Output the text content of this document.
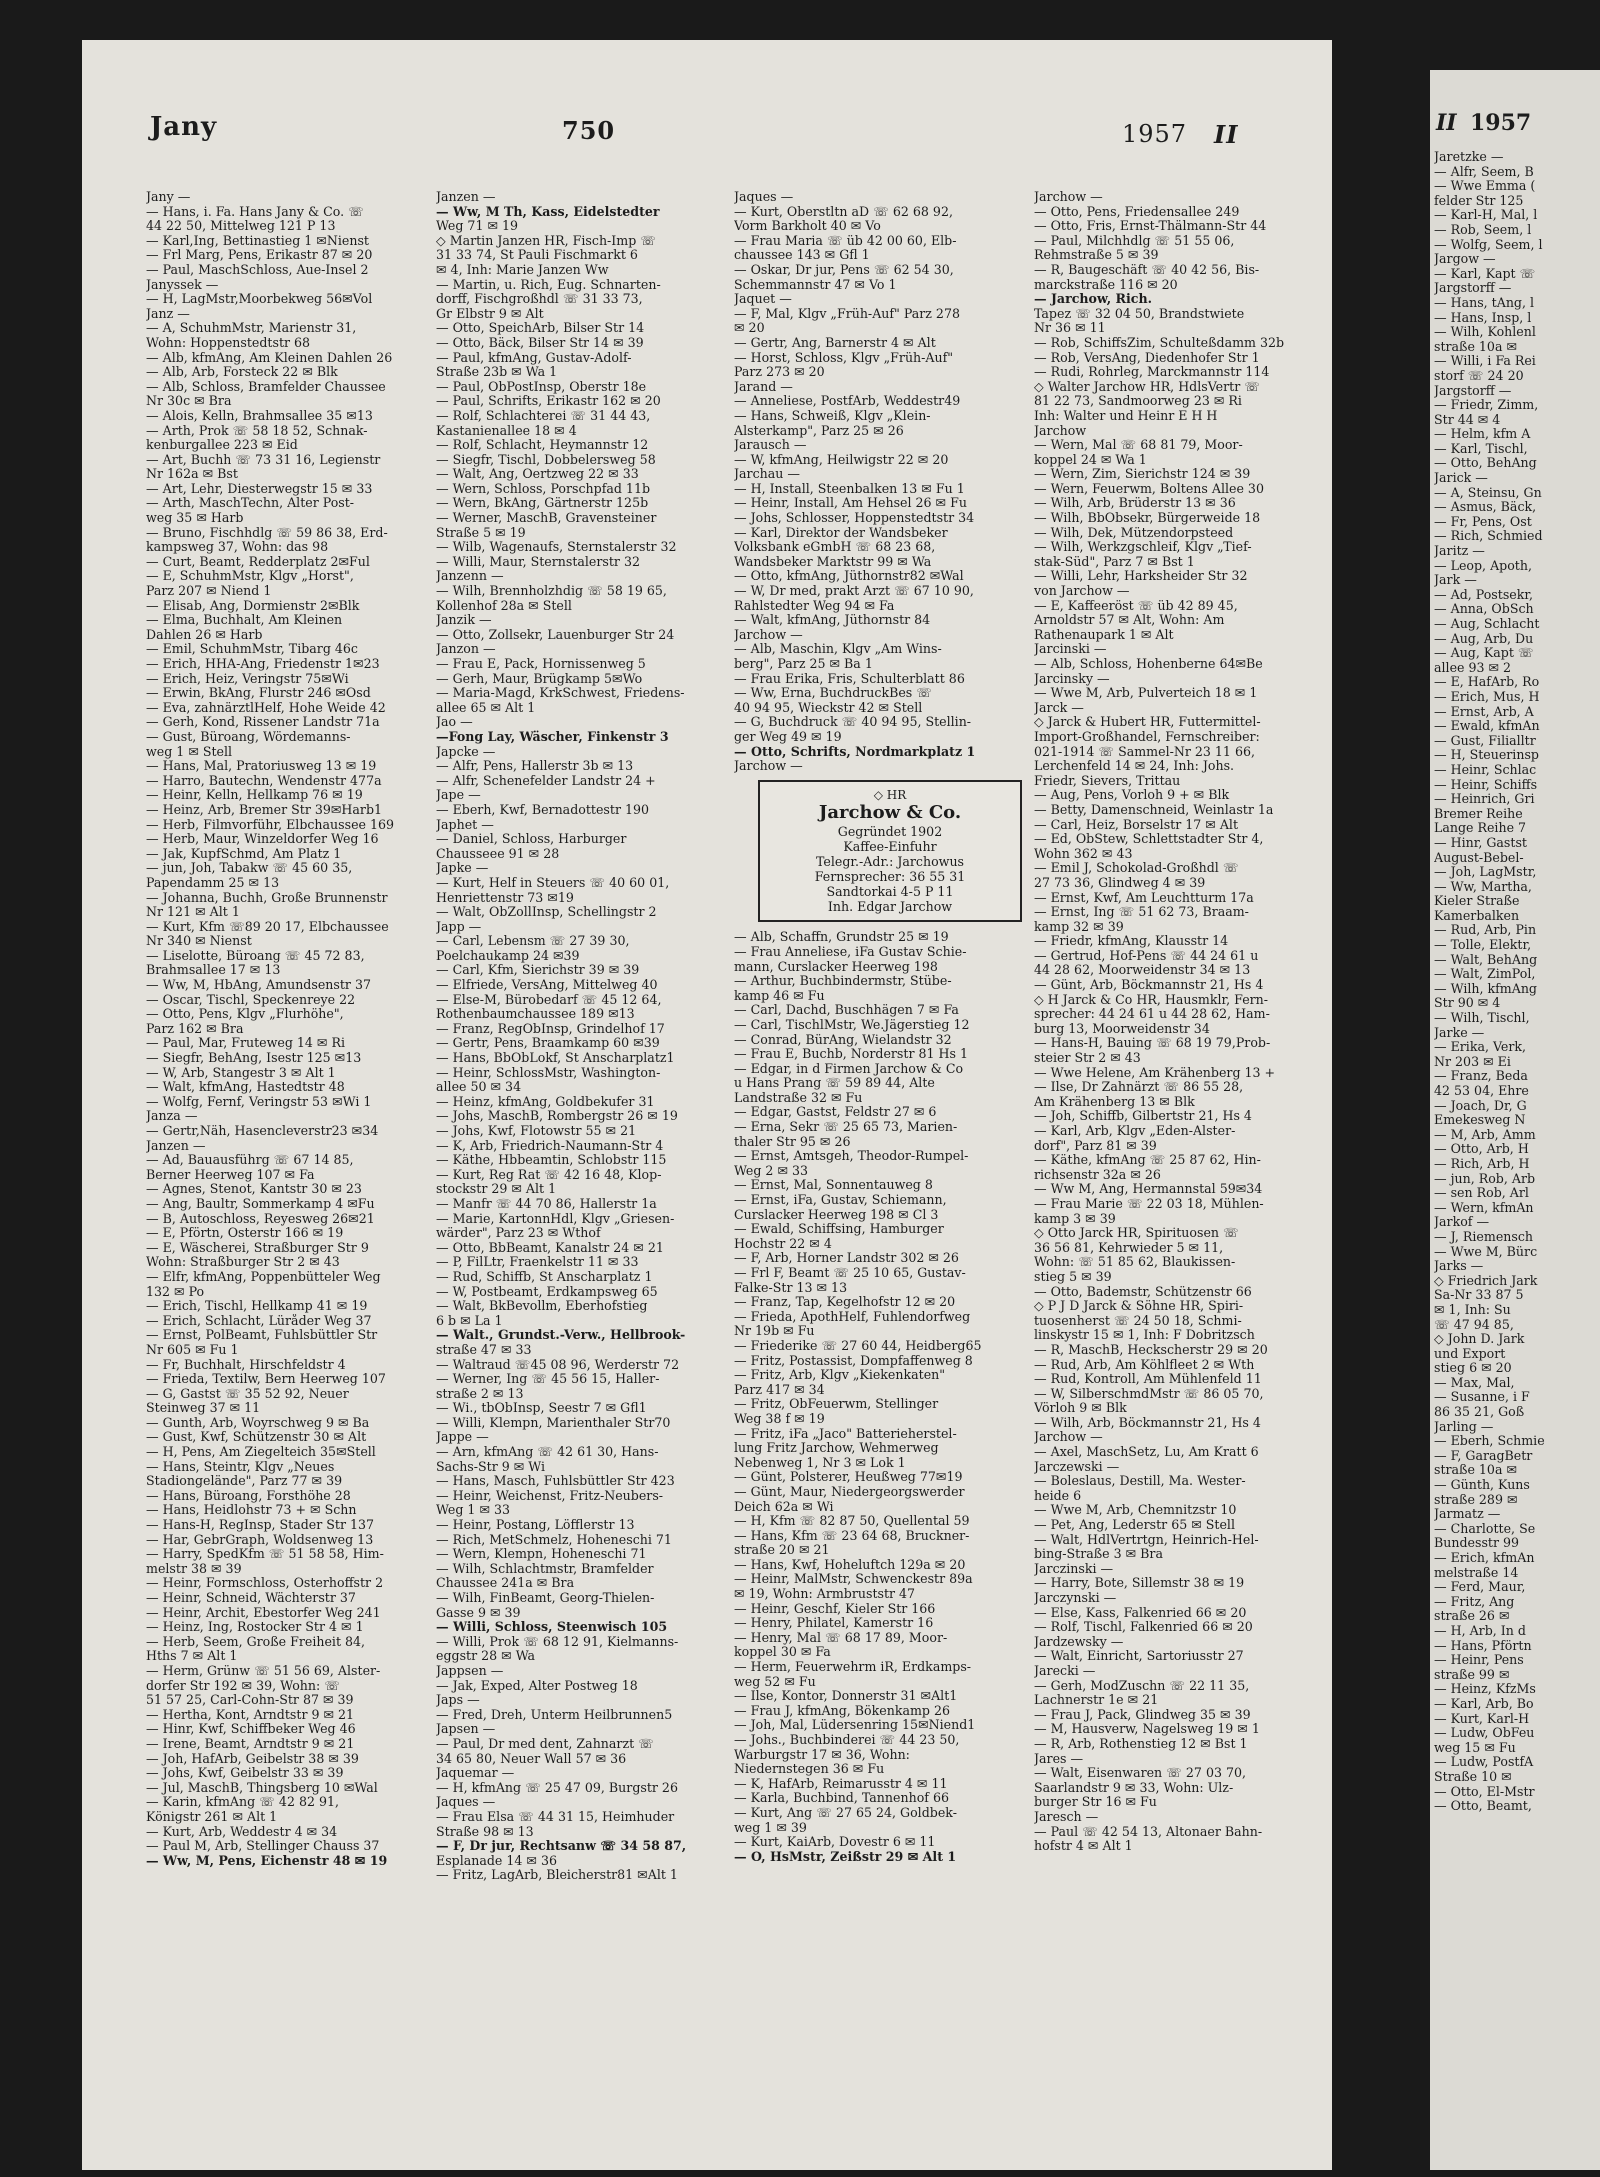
Jany	750	1957 II
Jany —
— Hans, i. Fa. Hans Jany & Co. ☏
44 22 50, Mittelweg 121 P 13
— Karl,Ing, Bettinastieg 1 ✉Nienst
— Frl Marg, Pens, Erikastr 87 ✉ 20
— Paul, MaschSchloss, Aue-Insel 2
Janyssek —
— H, LagMstr,Moorbekweg 56✉Vol
Janz —
— A, SchuhmMstr, Marienstr 31,
Wohn: Hoppenstedtstr 68
— Alb, kfmAng, Am Kleinen Dahlen 26
— Alb, Arb, Forsteck 22 ✉ Blk
— Alb, Schloss, Bramfelder Chaussee
Nr 30c ✉ Bra
— Alois, Kelln, Brahmsallee 35 ✉13
— Arth, Prok ☏ 58 18 52, Schnak-
kenburgallee 223 ✉ Eid
— Art, Buchh ☏ 73 31 16, Legienstr
Nr 162a ✉ Bst
— Art, Lehr, Diesterwegstr 15 ✉ 33
— Arth, MaschTechn, Alter Post-
weg 35 ✉ Harb
— Bruno, Fischhdlg ☏ 59 86 38, Erd-
kampsweg 37, Wohn: das 98
— Curt, Beamt, Redderplatz 2✉Ful
— E, SchuhmMstr, Klgv „Horst",
Parz 207 ✉ Niend 1
— Elisab, Ang, Dormienstr 2✉Blk
— Elma, Buchhalt, Am Kleinen
Dahlen 26 ✉ Harb
— Emil, SchuhmMstr, Tibarg 46c
— Erich, HHA-Ang, Friedenstr 1✉23
— Erich, Heiz, Veringstr 75✉Wi
— Erwin, BkAng, Flurstr 246 ✉Osd
— Eva, zahnärztlHelf, Hohe Weide 42
— Gerh, Kond, Rissener Landstr 71a
— Gust, Büroang, Wördemanns-
weg 1 ✉ Stell
— Hans, Mal, Pratoriusweg 13 ✉ 19
— Harro, Bautechn, Wendenstr 477a
— Heinr, Kelln, Hellkamp 76 ✉ 19
— Heinz, Arb, Bremer Str 39✉Harb1
— Herb, Filmvorführ, Elbchaussee 169
— Herb, Maur, Winzeldorfer Weg 16
— Jak, KupfSchmd, Am Platz 1
— jun, Joh, Tabakw ☏ 45 60 35,
Papendamm 25 ✉ 13
— Johanna, Buchh, Große Brunnenstr
Nr 121 ✉ Alt 1
— Kurt, Kfm ☏89 20 17, Elbchaussee
Nr 340 ✉ Nienst
— Liselotte, Büroang ☏ 45 72 83,
Brahmsallee 17 ✉ 13
— Ww, M, HbAng, Amundsenstr 37
— Oscar, Tischl, Speckenreye 22
— Otto, Pens, Klgv „Flurhöhe",
Parz 162 ✉ Bra
— Paul, Mar, Fruteweg 14 ✉ Ri
— Siegfr, BehAng, Isestr 125 ✉13
— W, Arb, Stangestr 3 ✉ Alt 1
— Walt, kfmAng, Hastedtstr 48
— Wolfg, Fernf, Veringstr 53 ✉Wi 1
Janza —
— Gertr,Näh, Hasencleverstr23 ✉34
Janzen —
— Ad, Bauausführg ☏ 67 14 85,
Berner Heerweg 107 ✉ Fa
— Agnes, Stenot, Kantstr 30 ✉ 23
— Ang, Baultr, Sommerkamp 4 ✉Fu
— B, Autoschloss, Reyesweg 26✉21
— E, Pförtn, Osterstr 166 ✉ 19
— E, Wäscherei, Straßburger Str 9
Wohn: Straßburger Str 2 ✉ 43
— Elfr, kfmAng, Poppenbütteler Weg
132 ✉ Po
— Erich, Tischl, Hellkamp 41 ✉ 19
— Erich, Schlacht, Lüråder Weg 37
— Ernst, PolBeamt, Fuhlsbüttler Str
Nr 605 ✉ Fu 1
— Fr, Buchhalt, Hirschfeldstr 4
— Frieda, Textilw, Bern Heerweg 107
— G, Gastst ☏ 35 52 92, Neuer
Steinweg 37 ✉ 11
— Gunth, Arb, Woyrschweg 9 ✉ Ba
— Gust, Kwf, Schützenstr 30 ✉ Alt
— H, Pens, Am Ziegelteich 35✉Stell
— Hans, Steintr, Klgv „Neues
Stadiongelände", Parz 77 ✉ 39
— Hans, Büroang, Forsthöhe 28
— Hans, Heidlohstr 73 + ✉ Schn
— Hans-H, RegInsp, Stader Str 137
— Har, GebrGraph, Woldsenweg 13
— Harry, SpedKfm ☏ 51 58 58, Him-
melstr 38 ✉ 39
— Heinr, Formschloss, Osterhoffstr 2
— Heinr, Schneid, Wächterstr 37
— Heinr, Archit, Ebestorfer Weg 241
— Heinz, Ing, Rostocker Str 4 ✉ 1
— Herb, Seem, Große Freiheit 84,
Hths 7 ✉ Alt 1
— Herm, Grünw ☏ 51 56 69, Alster-
dorfer Str 192 ✉ 39, Wohn: ☏
51 57 25, Carl-Cohn-Str 87 ✉ 39
— Hertha, Kont, Arndtstr 9 ✉ 21
— Hinr, Kwf, Schiffbeker Weg 46
— Irene, Beamt, Arndtstr 9 ✉ 21
— Joh, HafArb, Geibelstr 38 ✉ 39
— Johs, Kwf, Geibelstr 33 ✉ 39
— Jul, MaschB, Thingsberg 10 ✉Wal
— Karin, kfmAng ☏ 42 82 91,
Königstr 261 ✉ Alt 1
— Kurt, Arb, Weddestr 4 ✉ 34
— Paul M, Arb, Stellinger Chauss 37
— Ww, M, Pens, Eichenstr 48 ✉ 19
Janzen —
— Ww, M Th, Kass, Eidelstedter
Weg 71 ✉ 19
◇ Martin Janzen HR, Fisch-Imp ☏
31 33 74, St Pauli Fischmarkt 6
✉ 4, Inh: Marie Janzen Ww
— Martin, u. Rich, Eug. Schnarten-
dorff, Fischgroßhdl ☏ 31 33 73,
Gr Elbstr 9 ✉ Alt
— Otto, SpeichArb, Bilser Str 14
— Otto, Bäck, Bilser Str 14 ✉ 39
— Paul, kfmAng, Gustav-Adolf-
Straße 23b ✉ Wa 1
— Paul, ObPostInsp, Oberstr 18e
— Paul, Schrifts, Erikastr 162 ✉ 20
— Rolf, Schlachterei ☏ 31 44 43,
Kastanienallee 18 ✉ 4
— Rolf, Schlacht, Heymannstr 12
— Siegfr, Tischl, Dobbelersweg 58
— Walt, Ang, Oertzweg 22 ✉ 33
— Wern, Schloss, Porschpfad 11b
— Wern, BkAng, Gärtnerstr 125b
— Werner, MaschB, Gravensteiner
Straße 5 ✉ 19
— Wilb, Wagenaufs, Sternstalerstr 32
— Willi, Maur, Sternstalerstr 32
Janzenn —
— Wilh, Brennholzhdig ☏ 58 19 65,
Kollenhof 28a ✉ Stell
Janzik —
— Otto, Zollsekr, Lauenburger Str 24
Janzon —
— Frau E, Pack, Hornissenweg 5
— Gerh, Maur, Brügkamp 5✉Wo
— Maria-Magd, KrkSchwest, Friedens-
allee 65 ✉ Alt 1
Jao —
—Fong Lay, Wäscher, Finkenstr 3
Japcke —
— Alfr, Pens, Hallerstr 3b ✉ 13
— Alfr, Schenefelder Landstr 24 +
Jape —
— Eberh, Kwf, Bernadottestr 190
Japhet —
— Daniel, Schloss, Harburger
Chausseee 91 ✉ 28
Japke —
— Kurt, Helf in Steuers ☏ 40 60 01,
Henriettenstr 73 ✉19
— Walt, ObZollInsp, Schellingstr 2
Japp —
— Carl, Lebensm ☏ 27 39 30,
Poelchaukamp 24 ✉39
— Carl, Kfm, Sierichstr 39 ✉ 39
— Elfriede, VersAng, Mittelweg 40
— Else-M, Bürobedarf ☏ 45 12 64,
Rothenbaumchaussee 189 ✉13
— Franz, RegObInsp, Grindelhof 17
— Gertr, Pens, Braamkamp 60 ✉39
— Hans, BbObLokf, St Anscharplatz1
— Heinr, SchlossMstr, Washington-
allee 50 ✉ 34
— Heinz, kfmAng, Goldbekufer 31
— Johs, MaschB, Rombergstr 26 ✉ 19
— Johs, Kwf, Flotowstr 55 ✉ 21
— K, Arb, Friedrich-Naumann-Str 4
— Käthe, Hbbeamtin, Schlobstr 115
— Kurt, Reg Rat ☏ 42 16 48, Klop-
stockstr 29 ✉ Alt 1
— Manfr ☏ 44 70 86, Hallerstr 1a
— Marie, KartonnHdl, Klgv „Griesen-
wärder", Parz 23 ✉ Wthof
— Otto, BbBeamt, Kanalstr 24 ✉ 21
— P, FilLtr, Fraenkelstr 11 ✉ 33
— Rud, Schiffb, St Anscharplatz 1
— W, Postbeamt, Erdkampsweg 65
— Walt, BkBevollm, Eberhofstieg
6 b ✉ La 1
— Walt., Grundst.-Verw., Hellbrook-
straße 47 ✉ 33
— Waltraud ☏45 08 96, Werderstr 72
— Werner, Ing ☏ 45 56 15, Haller-
straße 2 ✉ 13
— Wi., tbObInsp, Seestr 7 ✉ Gfl1
— Willi, Klempn, Marienthaler Str70
Jappe —
— Arn, kfmAng ☏ 42 61 30, Hans-
Sachs-Str 9 ✉ Wi
— Hans, Masch, Fuhlsbüttler Str 423
— Heinr, Weichenst, Fritz-Neubers-
Weg 1 ✉ 33
— Heinr, Postang, Löfflerstr 13
— Rich, MetSchmelz, Hoheneschi 71
— Wern, Klempn, Hoheneschi 71
— Wilh, Schlachtmstr, Bramfelder
Chaussee 241a ✉ Bra
— Wilh, FinBeamt, Georg-Thielen-
Gasse 9 ✉ 39
— Willi, Schloss, Steenwisch 105
— Willi, Prok ☏ 68 12 91, Kielmanns-
eggstr 28 ✉ Wa
Jappsen —
— Jak, Exped, Alter Postweg 18
Japs —
— Fred, Dreh, Unterm Heilbrunnen5
Japsen —
— Paul, Dr med dent, Zahnarzt ☏
34 65 80, Neuer Wall 57 ✉ 36
Jaquemar —
— H, kfmAng ☏ 25 47 09, Burgstr 26
Jaques —
— Frau Elsa ☏ 44 31 15, Heimhuder
Straße 98 ✉ 13
— F, Dr jur, Rechtsanw ☏ 34 58 87,
Esplanade 14 ✉ 36
— Fritz, LagArb, Bleicherstr81 ✉Alt 1
Jaques —
— Kurt, Oberstltn aD ☏ 62 68 92,
Vorm Barkholt 40 ✉ Vo
— Frau Maria ☏ üb 42 00 60, Elb-
chaussee 143 ✉ Gfl 1
— Oskar, Dr jur, Pens ☏ 62 54 30,
Schemmannstr 47 ✉ Vo 1
Jaquet —
— F, Mal, Klgv „Früh-Auf" Parz 278
✉ 20
— Gertr, Ang, Barnerstr 4 ✉ Alt
— Horst, Schloss, Klgv „Früh-Auf"
Parz 273 ✉ 20
Jarand —
— Anneliese, PostfArb, Weddestr49
— Hans, Schweiß, Klgv „Klein-
Alsterkamp", Parz 25 ✉ 26
Jarausch —
— W, kfmAng, Heilwigstr 22 ✉ 20
Jarchau —
— H, Install, Steenbalken 13 ✉ Fu 1
— Heinr, Install, Am Hehsel 26 ✉ Fu
— Johs, Schlosser, Hoppenstedtstr 34
— Karl, Direktor der Wandsbeker
Volksbank eGmbH ☏ 68 23 68,
Wandsbeker Marktstr 99 ✉ Wa
— Otto, kfmAng, Jüthornstr82 ✉Wal
— W, Dr med, prakt Arzt ☏ 67 10 90,
Rahlstedter Weg 94 ✉ Fa
— Walt, kfmAng, Jüthornstr 84
Jarchow —
— Alb, Maschin, Klgv „Am Wins-
berg", Parz 25 ✉ Ba 1
— Frau Erika, Fris, Schulterblatt 86
— Ww, Erna, BuchdruckBes ☏
40 94 95, Wieckstr 42 ✉ Stell
— G, Buchdruck ☏ 40 94 95, Stellin-
ger Weg 49 ✉ 19
— Otto, Schrifts, Nordmarkplatz 1
Jarchow —
◇ HR
Jarchow & Co.
Gegründet 1902
Kaffee-Einfuhr
Telegr.-Adr.: Jarchowus
Fernsprecher: 36 55 31
Sandtorkai 4-5 P 11
Inh. Edgar Jarchow
— Alb, Schaffn, Grundstr 25 ✉ 19
— Frau Anneliese, iFa Gustav Schie-
mann, Curslacker Heerweg 198
— Arthur, Buchbindermstr, Stübe-
kamp 46 ✉ Fu
— Carl, Dachd, Buschhägen 7 ✉ Fa
— Carl, TischlMstr, We.Jägerstieg 12
— Conrad, BürAng, Wielandstr 32
— Frau E, Buchb, Norderstr 81 Hs 1
— Edgar, in d Firmen Jarchow & Co
u Hans Prang ☏ 59 89 44, Alte
Landstraße 32 ✉ Fu
— Edgar, Gastst, Feldstr 27 ✉ 6
— Erna, Sekr ☏ 25 65 73, Marien-
thaler Str 95 ✉ 26
— Ernst, Amtsgeh, Theodor-Rumpel-
Weg 2 ✉ 33
— Ernst, Mal, Sonnentauweg 8
— Ernst, iFa, Gustav, Schiemann,
Curslacker Heerweg 198 ✉ Cl 3
— Ewald, Schiffsing, Hamburger
Hochstr 22 ✉ 4
— F, Arb, Horner Landstr 302 ✉ 26
— Frl F, Beamt ☏ 25 10 65, Gustav-
Falke-Str 13 ✉ 13
— Franz, Tap, Kegelhofstr 12 ✉ 20
— Frieda, ApothHelf, Fuhlendorfweg
Nr 19b ✉ Fu
— Friederike ☏ 27 60 44, Heidberg65
— Fritz, Postassist, Dompfaffenweg 8
— Fritz, Arb, Klgv „Kiekenkaten"
Parz 417 ✉ 34
— Fritz, ObFeuerwm, Stellinger
Weg 38 f ✉ 19
— Fritz, iFa „Jaco" Batterieherstel-
lung Fritz Jarchow, Wehmerweg
Nebenweg 1, Nr 3 ✉ Lok 1
— Günt, Polsterer, Heußweg 77✉19
— Günt, Maur, Niedergeorgswerder
Deich 62a ✉ Wi
— H, Kfm ☏ 82 87 50, Quellental 59
— Hans, Kfm ☏ 23 64 68, Bruckner-
straße 20 ✉ 21
— Hans, Kwf, Hoheluftch 129a ✉ 20
— Heinr, MalMstr, Schwenckestr 89a
✉ 19, Wohn: Armbruststr 47
— Heinr, Geschf, Kieler Str 166
— Henry, Philatel, Kamerstr 16
— Henry, Mal ☏ 68 17 89, Moor-
koppel 30 ✉ Fa
— Herm, Feuerwehrm iR, Erdkamps-
weg 52 ✉ Fu
— Ilse, Kontor, Donnerstr 31 ✉Alt1
— Frau J, kfmAng, Bökenkamp 26
— Joh, Mal, Lüdersenring 15✉Niend1
— Johs., Buchbinderei ☏ 44 23 50,
Warburgstr 17 ✉ 36, Wohn:
Niedernstegen 36 ✉ Fu
— K, HafArb, Reimarusstr 4 ✉ 11
— Karla, Buchbind, Tannenhof 66
— Kurt, Ang ☏ 27 65 24, Goldbek-
weg 1 ✉ 39
— Kurt, KaiArb, Dovestr 6 ✉ 11
— O, HsMstr, Zeißstr 29 ✉ Alt 1
Jarchow —
— Otto, Pens, Friedensallee 249
— Otto, Fris, Ernst-Thälmann-Str 44
— Paul, Milchhdlg ☏ 51 55 06,
Rehmstraße 5 ✉ 39
— R, Baugeschäft ☏ 40 42 56, Bis-
marckstraße 116 ✉ 20
— Jarchow, Rich.
Tapez ☏ 32 04 50, Brandstwiete
Nr 36 ✉ 11
— Rob, SchiffsZim, Schulteßdamm 32b
— Rob, VersAng, Diedenhofer Str 1
— Rudi, Rohrleg, Marckmannstr 114
◇ Walter Jarchow HR, HdlsVertr ☏
81 22 73, Sandmoorweg 23 ✉ Ri
Inh: Walter und Heinr E H H
Jarchow
— Wern, Mal ☏ 68 81 79, Moor-
koppel 24 ✉ Wa 1
— Wern, Zim, Sierichstr 124 ✉ 39
— Wern, Feuerwm, Boltens Allee 30
— Wilh, Arb, Brüderstr 13 ✉ 36
— Wilh, BbObsekr, Bürgerweide 18
— Wilh, Dek, Mützendorpsteed
— Wilh, Werkzgschleif, Klgv „Tief-
stak-Süd", Parz 7 ✉ Bst 1
— Willi, Lehr, Harksheider Str 32
von Jarchow —
— E, Kaffeeröst ☏ üb 42 89 45,
Arnoldstr 57 ✉ Alt, Wohn: Am
Rathenaupark 1 ✉ Alt
Jarcinski —
— Alb, Schloss, Hohenberne 64✉Be
Jarcinsky —
— Wwe M, Arb, Pulverteich 18 ✉ 1
Jarck —
◇ Jarck & Hubert HR, Futtermittel-
Import-Großhandel, Fernschreiber:
021-1914 ☏ Sammel-Nr 23 11 66,
Lerchenfeld 14 ✉ 24, Inh: Johs.
Friedr, Sievers, Trittau
— Aug, Pens, Vorloh 9 + ✉ Blk
— Betty, Damenschneid, Weinlastr 1a
— Carl, Heiz, Borselstr 17 ✉ Alt
— Ed, ObStew, Schlettstadter Str 4,
Wohn 362 ✉ 43
— Emil J, Schokolad-Großhdl ☏
27 73 36, Glindweg 4 ✉ 39
— Ernst, Kwf, Am Leuchtturm 17a
— Ernst, Ing ☏ 51 62 73, Braam-
kamp 32 ✉ 39
— Friedr, kfmAng, Klausstr 14
— Gertrud, Hof-Pens ☏ 44 24 61 u
44 28 62, Moorweidenstr 34 ✉ 13
— Günt, Arb, Böckmannstr 21, Hs 4
◇ H Jarck & Co HR, Hausmklr, Fern-
sprecher: 44 24 61 u 44 28 62, Ham-
burg 13, Moorweidenstr 34
— Hans-H, Bauing ☏ 68 19 79,Prob-
steier Str 2 ✉ 43
— Wwe Helene, Am Krähenberg 13 +
— Ilse, Dr Zahnärzt ☏ 86 55 28,
Am Krähenberg 13 ✉ Blk
— Joh, Schiffb, Gilbertstr 21, Hs 4
— Karl, Arb, Klgv „Eden-Alster-
dorf", Parz 81 ✉ 39
— Käthe, kfmAng ☏ 25 87 62, Hin-
richsenstr 32a ✉ 26
— Ww M, Ang, Hermannstal 59✉34
— Frau Marie ☏ 22 03 18, Mühlen-
kamp 3 ✉ 39
◇ Otto Jarck HR, Spirituosen ☏
36 56 81, Kehrwieder 5 ✉ 11,
Wohn: ☏ 51 85 62, Blaukissen-
stieg 5 ✉ 39
— Otto, Bademstr, Schützenstr 66
◇ P J D Jarck & Söhne HR, Spiri-
tuosenherst ☏ 24 50 18, Schmi-
linskystr 15 ✉ 1, Inh: F Dobritzsch
— R, MaschB, Heckscherstr 29 ✉ 20
— Rud, Arb, Am Köhlfleet 2 ✉ Wth
— Rud, Kontroll, Am Mühlenfeld 11
— W, SilberschmdMstr ☏ 86 05 70,
Vörloh 9 ✉ Blk
— Wilh, Arb, Böckmannstr 21, Hs 4
Jarchow —
— Axel, MaschSetz, Lu, Am Kratt 6
Jarczewski —
— Boleslaus, Destill, Ma. Wester-
heide 6
— Wwe M, Arb, Chemnitzstr 10
— Pet, Ang, Lederstr 65 ✉ Stell
— Walt, HdlVertrtgn, Heinrich-Hel-
bing-Straße 3 ✉ Bra
Jarczinski —
— Harry, Bote, Sillemstr 38 ✉ 19
Jarczynski —
— Else, Kass, Falkenried 66 ✉ 20
— Rolf, Tischl, Falkenried 66 ✉ 20
Jardzewsky —
— Walt, Einricht, Sartoriusstr 27
Jarecki —
— Gerh, ModZuschn ☏ 22 11 35,
Lachnerstr 1e ✉ 21
— Frau J, Pack, Glindweg 35 ✉ 39
— M, Hausverw, Nagelsweg 19 ✉ 1
— R, Arb, Rothenstieg 12 ✉ Bst 1
Jares —
— Walt, Eisenwaren ☏ 27 03 70,
Saarlandstr 9 ✉ 33, Wohn: Ulz-
burger Str 16 ✉ Fu
Jaresch —
— Paul ☏ 42 54 13, Altonaer Bahn-
hofstr 4 ✉ Alt 1
II 1957
Jaretzke —
— Alfr, Seem, B
— Wwe Emma (
felder Str 125
— Karl-H, Mal, l
— Rob, Seem, l
— Wolfg, Seem, l
Jargow —
— Karl, Kapt ☏
Jargstorff —
— Hans, tAng, l
— Hans, Insp, l
— Wilh, Kohlenl
straße 10a ✉
— Willi, i Fa Rei
storf ☏ 24 20
Jargstorff —
— Friedr, Zimm,
Str 44 ✉ 4
— Helm, kfm A
— Karl, Tischl,
— Otto, BehAng
Jarick —
— A, Steinsu, Gn
— Asmus, Bäck,
— Fr, Pens, Ost
— Rich, Schmied
Jaritz —
— Leop, Apoth,
Jark —
— Ad, Postsekr,
— Anna, ObSch
— Aug, Schlacht
— Aug, Arb, Du
— Aug, Kapt ☏
allee 93 ✉ 2
— E, HafArb, Ro
— Erich, Mus, H
— Ernst, Arb, A
— Ewald, kfmAn
— Gust, Filialltr
— H, Steuerinsp
— Heinr, Schlac
— Heinr, Schiffs
— Heinrich, Gri
Bremer Reihe
Lange Reihe 7
— Hinr, Gastst
August-Bebel-
— Joh, LagMstr,
— Ww, Martha,
Kieler Straße
Kamerbalken
— Rud, Arb, Pin
— Tolle, Elektr,
— Walt, BehAng
— Walt, ZimPol,
— Wilh, kfmAng
Str 90 ✉ 4
— Wilh, Tischl,
Jarke —
— Erika, Verk,
Nr 203 ✉ Ei
— Franz, Beda
42 53 04, Ehre
— Joach, Dr, G
Emekesweg N
— M, Arb, Amm
— Otto, Arb, H
— Rich, Arb, H
— jun, Rob, Arb
— sen Rob, Arl
— Wern, kfmAn
Jarkof —
— J, Riemensch
— Wwe M, Bürc
Jarks —
◇ Friedrich Jark
Sa-Nr 33 87 5
✉ 1, Inh: Su
☏ 47 94 85,
◇ John D. Jark
und Export
stieg 6 ✉ 20
— Max, Mal,
— Susanne, i F
86 35 21, Goß
Jarling —
— Eberh, Schmie
— F, GaragBetr
straße 10a ✉
— Günth, Kuns
straße 289 ✉
Jarmatz —
— Charlotte, Se
Bundesstr 99
— Erich, kfmAn
melstraße 14
— Ferd, Maur,
— Fritz, Ang
straße 26 ✉
— H, Arb, In d
— Hans, Pförtn
— Heinr, Pens
straße 99 ✉
— Heinz, KfzMs
— Karl, Arb, Bo
— Kurt, Karl-H
— Ludw, ObFeu
weg 15 ✉ Fu
— Ludw, PostfA
Straße 10 ✉
— Otto, El-Mstr
— Otto, Beamt,
